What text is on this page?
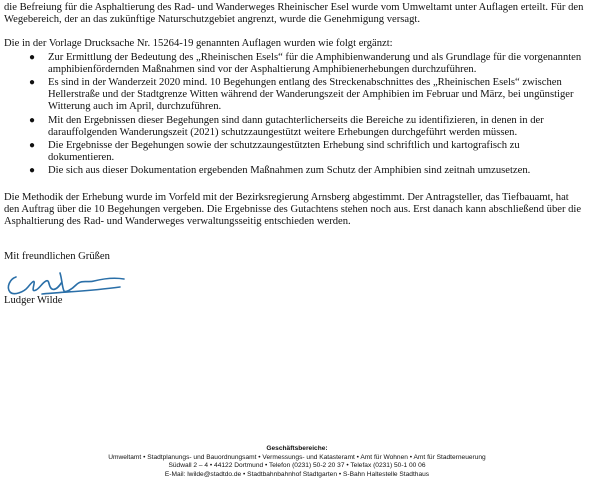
die Befreiung für die Asphaltierung des Rad- und Wanderweges Rheinischer Esel wurde vom Umweltamt unter Auflagen erteilt. Für den Wegebereich, der an das zukünftige Naturschutzgebiet angrenzt, wurde die Genehmigung versagt.

Die in der Vorlage Drucksache Nr. 15264-19 genannten Auflagen wurden wie folgt ergänzt:

● Zur Ermittlung der Bedeutung des „Rheinischen Esels“ für die Amphibienwanderung und als Grundlage für die vorgenannten amphibienfördernden Maßnahmen sind vor der Asphaltierung Amphibienerhebungen durchzuführen.
● Es sind in der Wanderzeit 2020 mind. 10 Begehungen entlang des Streckenabschnittes des „Rheinischen Esels“ zwischen Hellerstraße und der Stadtgrenze Witten während der Wanderungszeit der Amphibien im Februar und März, bei ungünstiger Witterung auch im April, durchzuführen.
● Mit den Ergebnissen dieser Begehungen sind dann gutachterlicherseits die Bereiche zu identifizieren, in denen in der darauffolgenden Wanderungszeit (2021) schutzzaungestützt weitere Erhebungen durchgeführt werden müssen.
● Die Ergebnisse der Begehungen sowie der schutzzaungestützten Erhebung sind schriftlich und kartografisch zu dokumentieren.
● Die sich aus dieser Dokumentation ergebenden Maßnahmen zum Schutz der Amphibien sind zeitnah umzusetzen.

Die Methodik der Erhebung wurde im Vorfeld mit der Bezirksregierung Arnsberg abgestimmt. Der Antragsteller, das Tiefbauamt, hat den Auftrag über die 10 Begehungen vergeben. Die Ergebnisse des Gutachtens stehen noch aus. Erst danach kann abschließend über die Asphaltierung des Rad- und Wanderweges verwaltungsseitig entschieden werden.

Mit freundlichen Grüßen

Ludger Wilde

Geschäftsbereiche:
Umweltamt • Stadtplanungs- und Bauordnungsamt • Vermessungs- und Katasteramt • Amt für Wohnen • Amt für Stadterneuerung
Südwall 2 – 4 • 44122 Dortmund • Telefon (0231) 50-2 20 37 • Telefax (0231) 50-1 00 06
E-Mail: lwilde@stadtdo.de • Stadtbahnbahnhof Stadtgarten • S-Bahn Haltestelle Stadthaus
